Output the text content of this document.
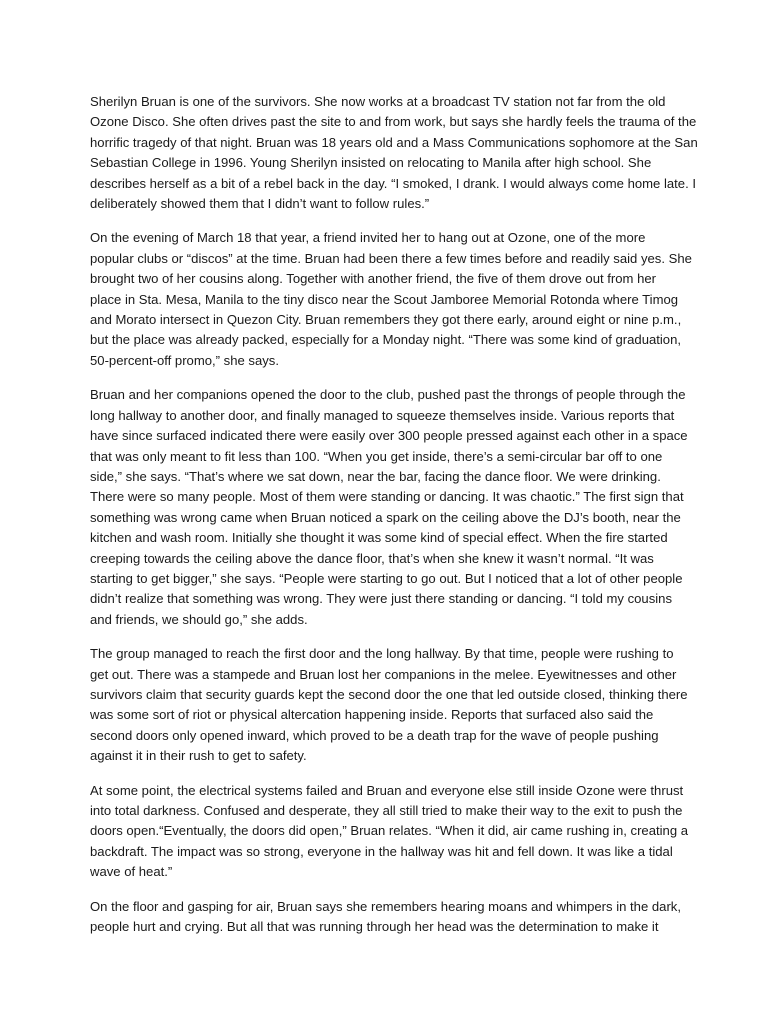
Sherilyn Bruan is one of the survivors. She now works at a broadcast TV station not far from the old
Ozone Disco. She often drives past the site to and from work, but says she hardly feels the trauma of the
horrific tragedy of that night. Bruan was 18 years old and a Mass Communications sophomore at the San
Sebastian College in 1996. Young Sherilyn insisted on relocating to Manila after high school. She
describes herself as a bit of a rebel back in the day. “I smoked, I drank. I would always come home late. I
deliberately showed them that I didn’t want to follow rules.”

On the evening of March 18 that year, a friend invited her to hang out at Ozone, one of the more
popular clubs or “discos” at the time. Bruan had been there a few times before and readily said yes. She
brought two of her cousins along. Together with another friend, the five of them drove out from her
place in Sta. Mesa, Manila to the tiny disco near the Scout Jamboree Memorial Rotonda where Timog
and Morato intersect in Quezon City. Bruan remembers they got there early, around eight or nine p.m.,
but the place was already packed, especially for a Monday night. “There was some kind of graduation,
50-percent-off promo,” she says.

Bruan and her companions opened the door to the club, pushed past the throngs of people through the
long hallway to another door, and finally managed to squeeze themselves inside. Various reports that
have since surfaced indicated there were easily over 300 people pressed against each other in a space
that was only meant to fit less than 100. “When you get inside, there’s a semi-circular bar off to one
side,” she says. “That’s where we sat down, near the bar, facing the dance floor. We were drinking.
There were so many people. Most of them were standing or dancing. It was chaotic.” The first sign that
something was wrong came when Bruan noticed a spark on the ceiling above the DJ’s booth, near the
kitchen and wash room. Initially she thought it was some kind of special effect. When the fire started
creeping towards the ceiling above the dance floor, that’s when she knew it wasn’t normal. “It was
starting to get bigger,” she says. “People were starting to go out. But I noticed that a lot of other people
didn’t realize that something was wrong. They were just there standing or dancing. “I told my cousins
and friends, we should go,” she adds.

The group managed to reach the first door and the long hallway. By that time, people were rushing to
get out. There was a stampede and Bruan lost her companions in the melee. Eyewitnesses and other
survivors claim that security guards kept the second door the one that led outside closed, thinking there
was some sort of riot or physical altercation happening inside. Reports that surfaced also said the
second doors only opened inward, which proved to be a death trap for the wave of people pushing
against it in their rush to get to safety.

At some point, the electrical systems failed and Bruan and everyone else still inside Ozone were thrust
into total darkness. Confused and desperate, they all still tried to make their way to the exit to push the
doors open.“Eventually, the doors did open,” Bruan relates. “When it did, air came rushing in, creating a
backdraft. The impact was so strong, everyone in the hallway was hit and fell down. It was like a tidal
wave of heat.”

On the floor and gasping for air, Bruan says she remembers hearing moans and whimpers in the dark,
people hurt and crying. But all that was running through her head was the determination to make it
